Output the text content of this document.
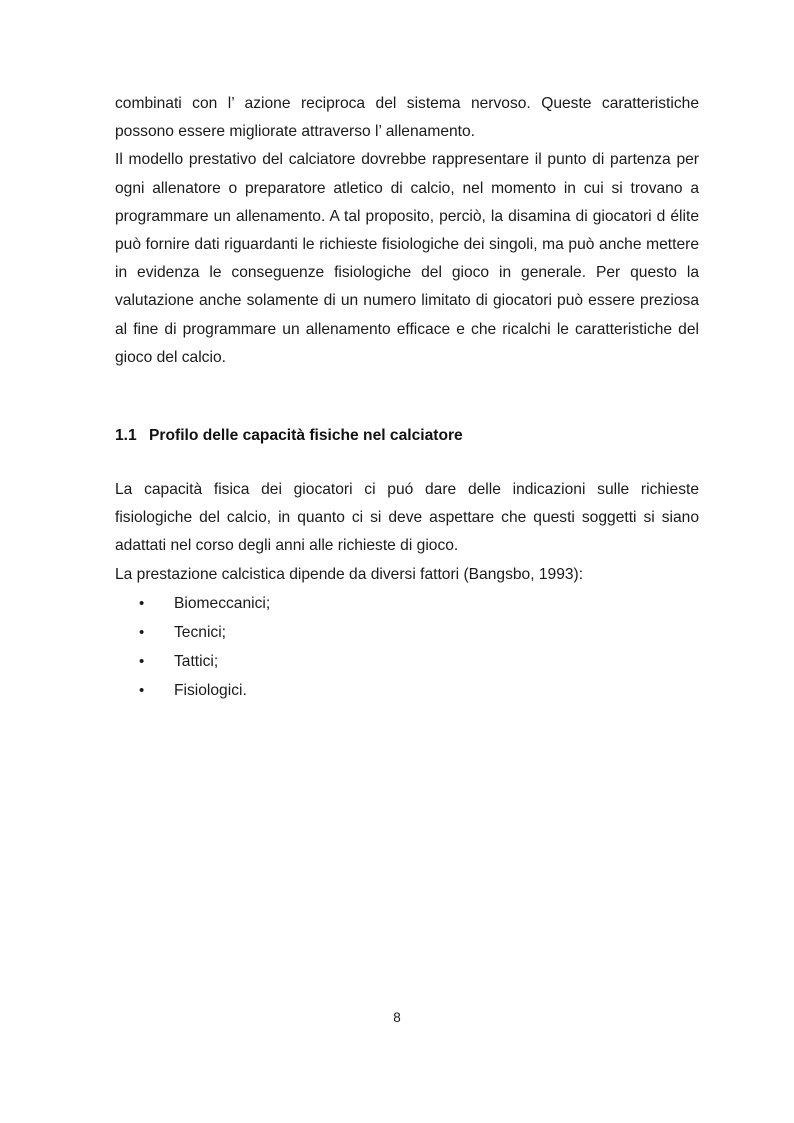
combinati con l’ azione reciproca del sistema nervoso. Queste caratteristiche possono essere migliorate attraverso l’ allenamento.

Il modello prestativo del calciatore dovrebbe rappresentare il punto di partenza per ogni allenatore o preparatore atletico di calcio, nel momento in cui si trovano a programmare un allenamento. A tal proposito, perciò, la disamina di giocatori d élite può fornire dati riguardanti le richieste fisiologiche dei singoli, ma può anche mettere in evidenza le conseguenze fisiologiche del gioco in generale. Per questo la valutazione anche solamente di un numero limitato di giocatori può essere preziosa al fine di programmare un allenamento efficace e che ricalchi le caratteristiche del gioco del calcio.

1.1 Profilo delle capacità fisiche nel calciatore

La capacità fisica dei giocatori ci puó dare delle indicazioni sulle richieste fisiologiche del calcio, in quanto ci si deve aspettare che questi soggetti si siano adattati nel corso degli anni alle richieste di gioco.

La prestazione calcistica dipende da diversi fattori (Bangsbo, 1993):

• Biomeccanici;
• Tecnici;
• Tattici;
• Fisiologici.
8
